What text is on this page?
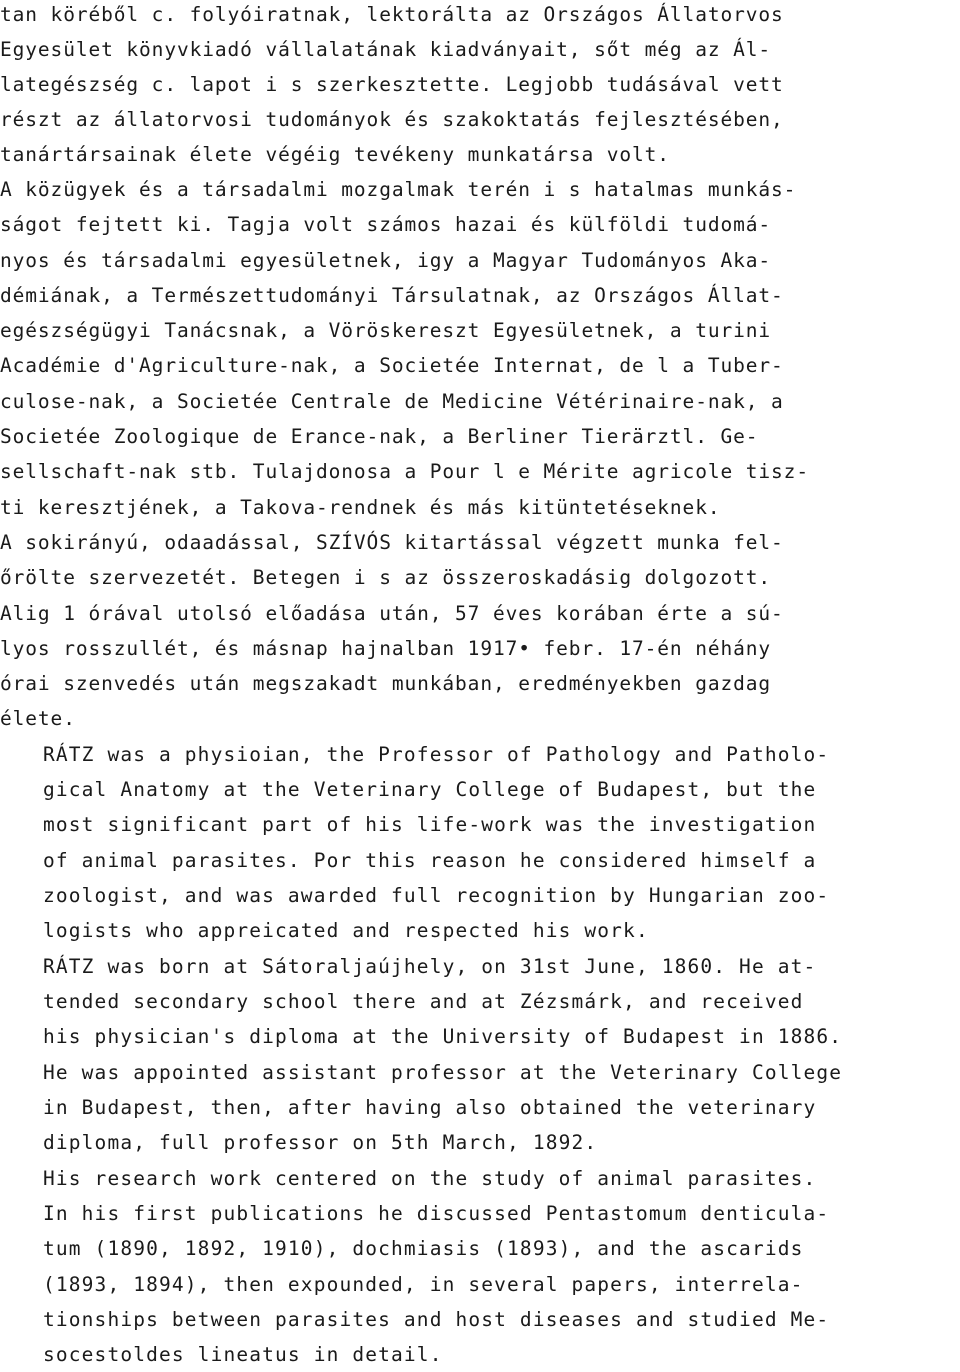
tan köréből c. folyóiratnak, lektorálta az Országos Állatorvos
Egyesület könyvkiadó vállalatának kiadványait, sőt még az Ál-
lategészség c. lapot i s szerkesztette. Legjobb tudásával vett
részt az állatorvosi tudományok és szakoktatás fejlesztésében,
tanártársainak élete végéig tevékeny munkatársa volt.
A közügyek és a társadalmi mozgalmak terén i s hatalmas munkás-
ságot fejtett ki. Tagja volt számos hazai és külföldi tudomá-
nyos és társadalmi egyesületnek, igy a Magyar Tudományos Aka-
démiának, a Természettudományi Társulatnak, az Országos Állat-
egészségügyi Tanácsnak, a Vöröskereszt Egyesületnek, a turini
Académie d'Agriculture-nak, a Societée Internat, de l a Tuber-
culose-nak, a Societée Centrale de Medicine Vétérinaire-nak, a
Societée Zoologique de Erance-nak, a Berliner Tierärztl. Ge-
sellschaft-nak stb. Tulajdonosa a Pour l e Mérite agricole tisz-
ti keresztjének, a Takova-rendnek és más kitüntetéseknek.
A sokirányú, odaadással, SZÍVÓS kitartással végzett munka fel-
őrölte szervezetét. Betegen i s az összeroskadásig dolgozott.
Alig 1 órával utolsó előadása után, 57 éves korában érte a sú-
lyos rosszullét, és másnap hajnalban 1917• febr. 17-én néhány
órai szenvedés után megszakadt munkában, eredményekben gazdag
élete.
RÁTZ was a physioian, the Professor of Pathology and Patholo-
gical Anatomy at the Veterinary College of Budapest, but the
most significant part of his life-work was the investigation
of animal parasites. Por this reason he considered himself a
zoologist, and was awarded full recognition by Hungarian zoo-
logists who appreicated and respected his work.
RÁTZ was born at Sátoraljaújhely, on 31st June, 1860. He at-
tended secondary school there and at Zézsmárk, and received
his physician's diploma at the University of Budapest in 1886.
He was appointed assistant professor at the Veterinary College
in Budapest, then, after having also obtained the veterinary
diploma, full professor on 5th March, 1892.
His research work centered on the study of animal parasites.
In his first publications he discussed Pentastomum denticula-
tum (1890, 1892, 1910), dochmiasis (1893), and the ascarids
(1893, 1894), then expounded, in several papers, interrela-
tionships between parasites and host diseases and studied Me-
socestoldes lineatus in detail.
